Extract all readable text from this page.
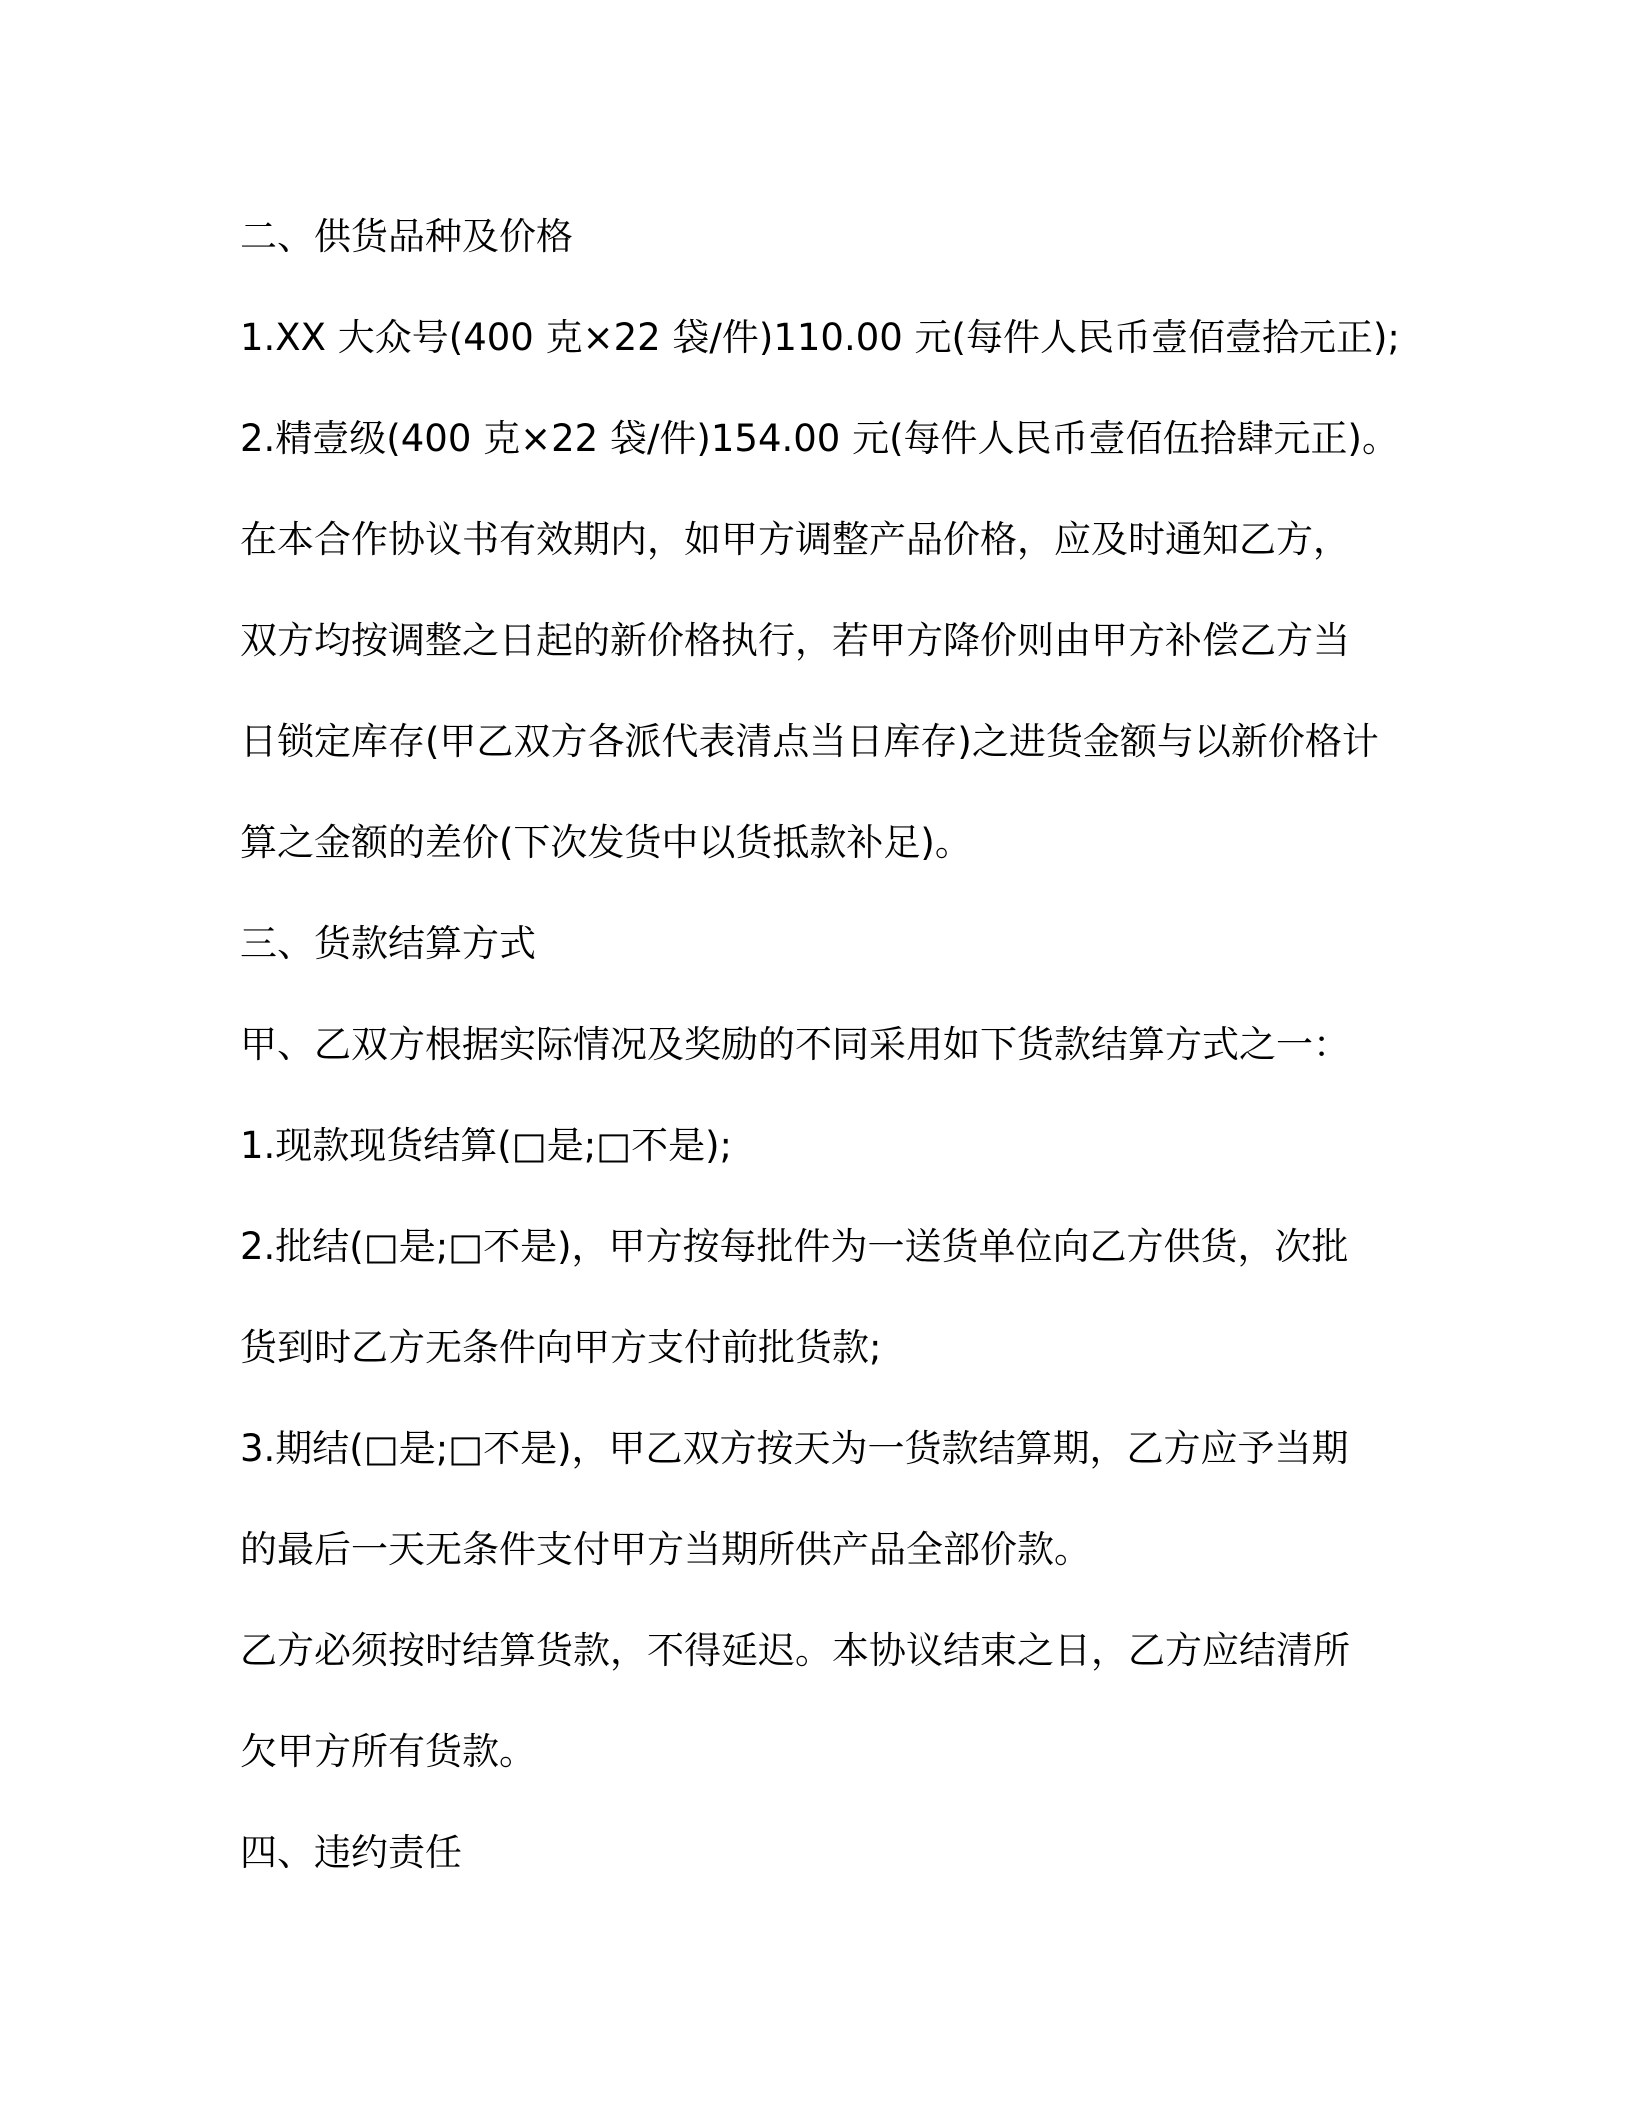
二、供货品种及价格
1.XX 大众号(400 克×22 袋/件)110.00 元(每件人民币壹佰壹拾元正);
2.精壹级(400 克×22 袋/件)154.00 元(每件人民币壹佰伍拾肆元正)。
在本合作协议书有效期内，如甲方调整产品价格，应及时通知乙方，
双方均按调整之日起的新价格执行，若甲方降价则由甲方补偿乙方当
日锁定库存(甲乙双方各派代表清点当日库存)之进货金额与以新价格计
算之金额的差价(下次发货中以货抵款补足)。
三、货款结算方式
甲、乙双方根据实际情况及奖励的不同采用如下货款结算方式之一：
1.现款现货结算(□是;□不是);
2.批结(□是;□不是)，甲方按每批件为一送货单位向乙方供货，次批
货到时乙方无条件向甲方支付前批货款;
3.期结(□是;□不是)，甲乙双方按天为一货款结算期，乙方应予当期
的最后一天无条件支付甲方当期所供产品全部价款。
乙方必须按时结算货款，不得延迟。本协议结束之日，乙方应结清所
欠甲方所有货款。
四、违约责任
